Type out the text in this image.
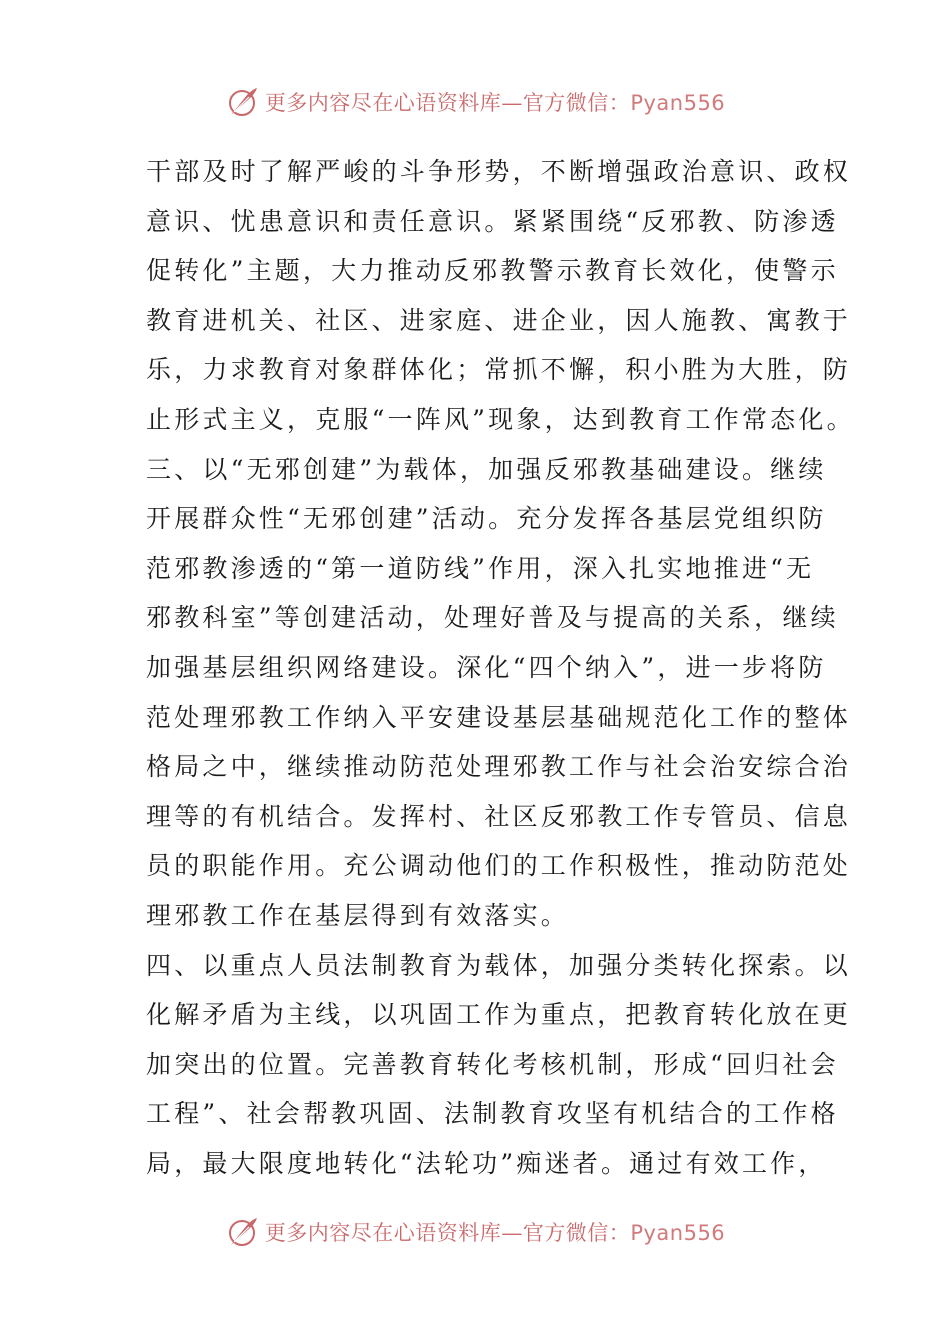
更多内容尽在心语资料库—官方微信：Pyan556
干部及时了解严峻的斗争形势，不断增强政治意识、政权
意识、忧患意识和责任意识。紧紧围绕“反邪教、防渗透
促转化”主题，大力推动反邪教警示教育长效化，使警示
教育进机关、社区、进家庭、进企业，因人施教、寓教于
乐，力求教育对象群体化；常抓不懈，积小胜为大胜，防
止形式主义，克服“一阵风”现象，达到教育工作常态化。
三、以“无邪创建”为载体，加强反邪教基础建设。继续
开展群众性“无邪创建”活动。充分发挥各基层党组织防
范邪教渗透的“第一道防线”作用，深入扎实地推进“无
邪教科室”等创建活动，处理好普及与提高的关系，继续
加强基层组织网络建设。深化“四个纳入”，进一步将防
范处理邪教工作纳入平安建设基层基础规范化工作的整体
格局之中，继续推动防范处理邪教工作与社会治安综合治
理等的有机结合。发挥村、社区反邪教工作专管员、信息
员的职能作用。充公调动他们的工作积极性，推动防范处
理邪教工作在基层得到有效落实。
四、以重点人员法制教育为载体，加强分类转化探索。以
化解矛盾为主线，以巩固工作为重点，把教育转化放在更
加突出的位置。完善教育转化考核机制，形成“回归社会
工程”、社会帮教巩固、法制教育攻坚有机结合的工作格
局，最大限度地转化“法轮功”痴迷者。通过有效工作，
更多内容尽在心语资料库—官方微信：Pyan556
